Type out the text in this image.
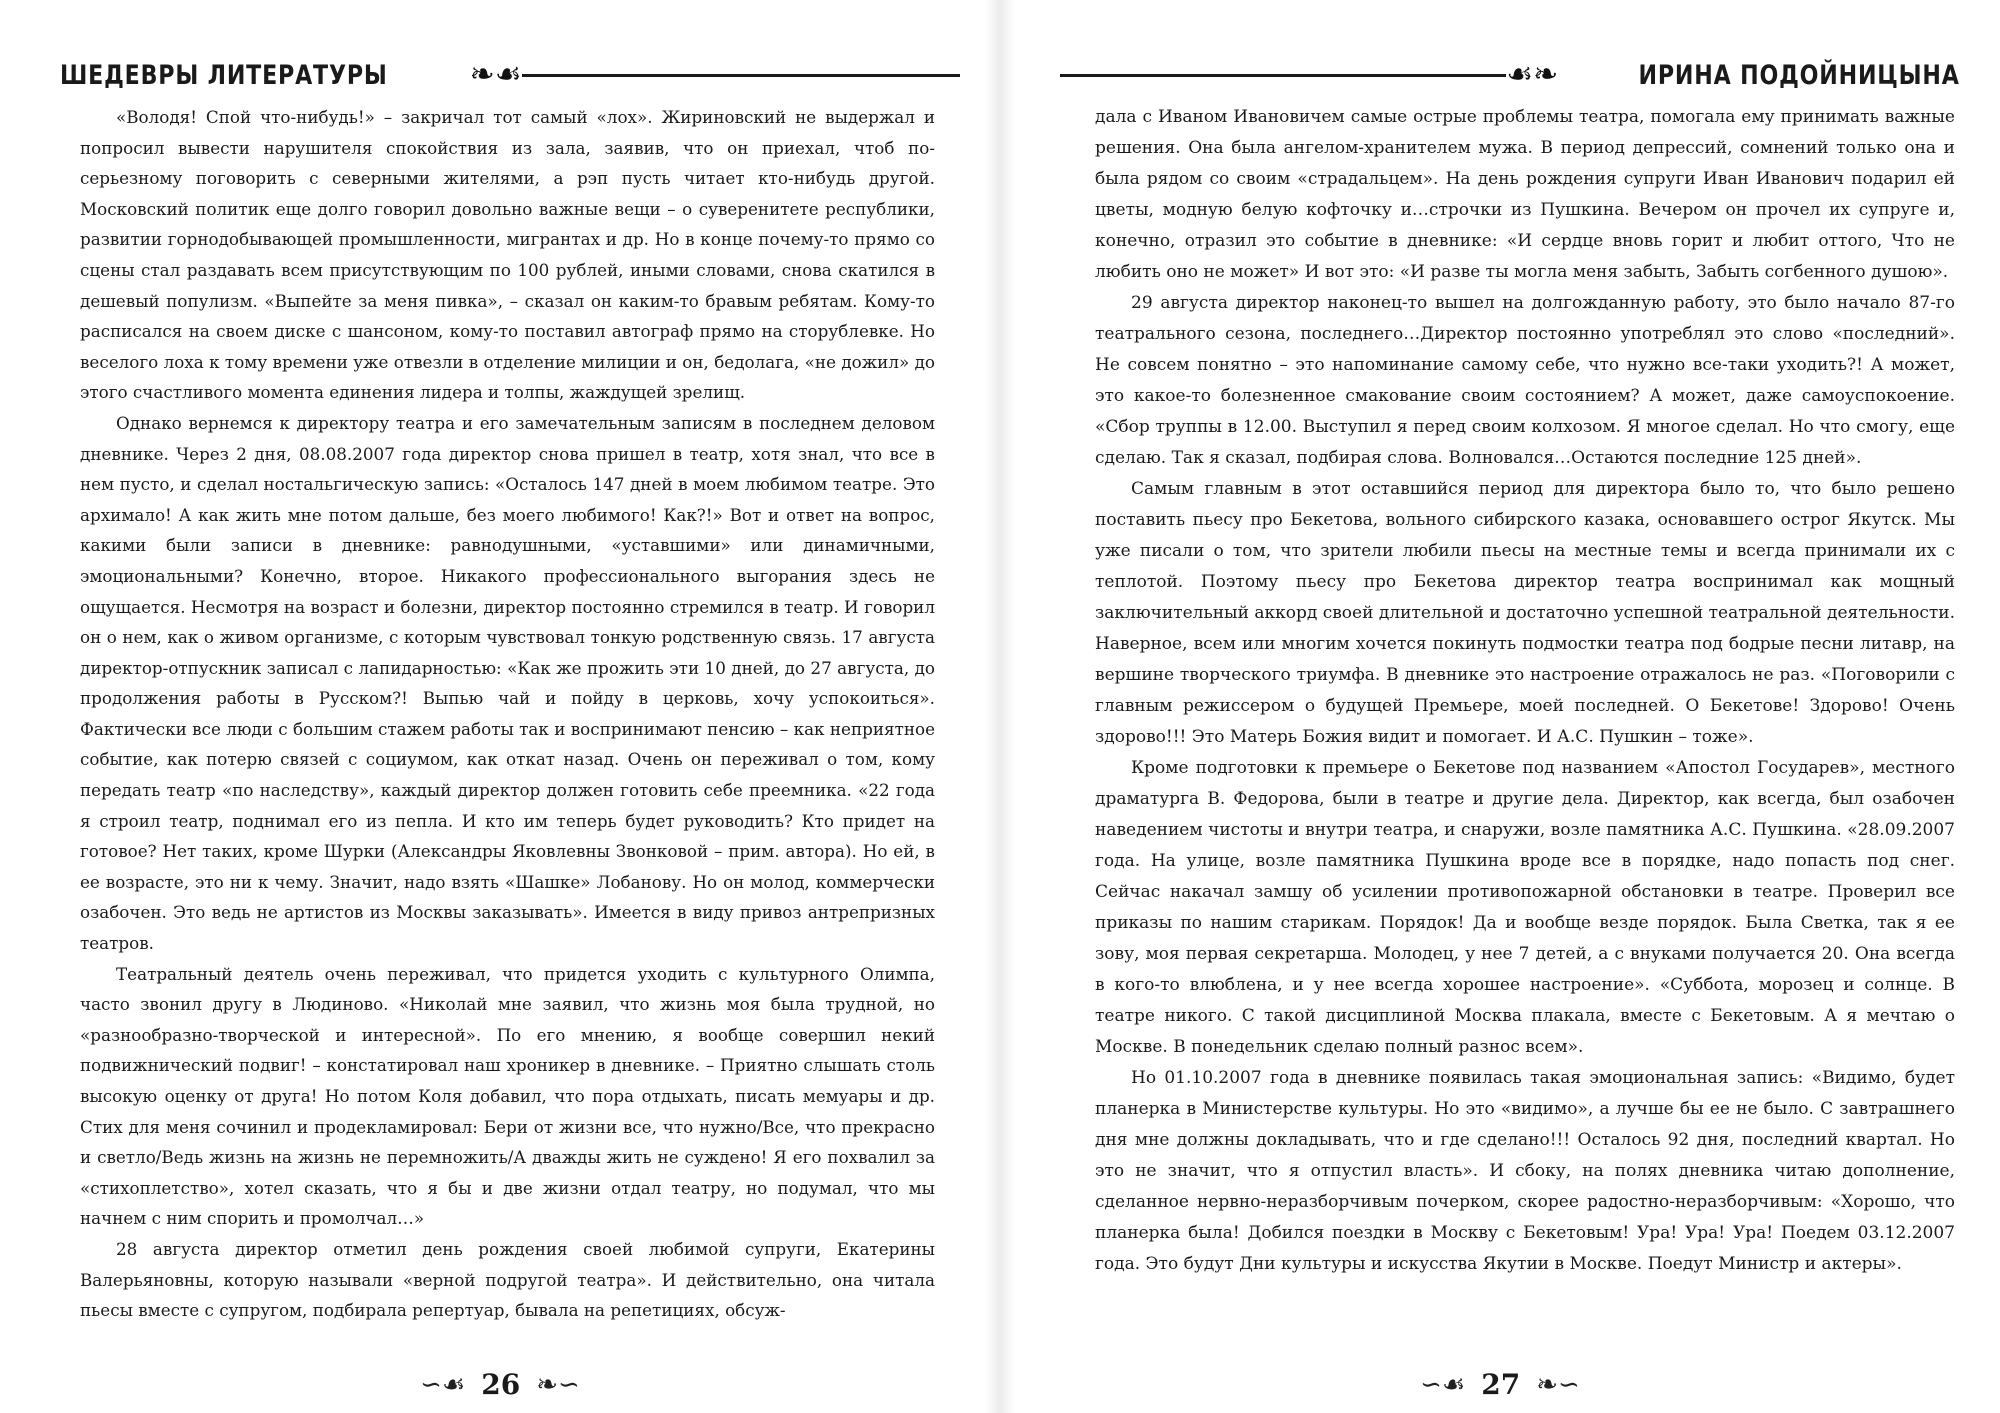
ШЕДЕВРЫ ЛИТЕРАТУРЫ	❧☙

«Володя! Спой что-нибудь!» – закричал тот самый «лох». Жириновский не выдержал и попросил вывести нарушителя спокойствия из зала, заявив, что он приехал, чтоб по-серьезному поговорить с северными жителями, а рэп пусть читает кто-нибудь другой. Московский политик еще долго говорил довольно важные вещи – о суверенитете республики, развитии горнодобывающей промышленности, мигрантах и др. Но в конце почему-то прямо со сцены стал раздавать всем присутствующим по 100 рублей, иными словами, снова скатился в дешевый популизм. «Выпейте за меня пивка», – сказал он каким-то бравым ребятам. Кому-то расписался на своем диске с шансоном, кому-то поставил автограф прямо на сторублевке. Но веселого лоха к тому времени уже отвезли в отделение милиции и он, бедолага, «не дожил» до этого счастливого момента единения лидера и толпы, жаждущей зрелищ.

Однако вернемся к директору театра и его замечательным записям в последнем деловом дневнике. Через 2 дня, 08.08.2007 года директор снова пришел в театр, хотя знал, что все в нем пусто, и сделал ностальгическую запись: «Осталось 147 дней в моем любимом театре. Это архимало! А как жить мне потом дальше, без моего любимого! Как?!» Вот и ответ на вопрос, какими были записи в дневнике: равнодушными, «уставшими» или динамичными, эмоциональными? Конечно, второе. Никакого профессионального выгорания здесь не ощущается. Несмотря на возраст и болезни, директор постоянно стремился в театр. И говорил он о нем, как о живом организме, с которым чувствовал тонкую родственную связь. 17 августа директор-отпускник записал с лапидарностью: «Как же прожить эти 10 дней, до 27 августа, до продолжения работы в Русском?! Выпью чай и пойду в церковь, хочу успокоиться». Фактически все люди с большим стажем работы так и воспринимают пенсию – как неприятное событие, как потерю связей с социумом, как откат назад. Очень он переживал о том, кому передать театр «по наследству», каждый директор должен готовить себе преемника. «22 года я строил театр, поднимал его из пепла. И кто им теперь будет руководить? Кто придет на готовое? Нет таких, кроме Шурки (Александры Яковлевны Звонковой – прим. автора). Но ей, в ее возрасте, это ни к чему. Значит, надо взять «Шашке» Лобанову. Но он молод, коммерчески озабочен. Это ведь не артистов из Москвы заказывать». Имеется в виду привоз антрепризных театров.

Театральный деятель очень переживал, что придется уходить с культурного Олимпа, часто звонил другу в Людиново. «Николай мне заявил, что жизнь моя была трудной, но «разнообразно-творческой и интересной». По его мнению, я вообще совершил некий подвижнический подвиг! – констатировал наш хроникер в дневнике. – Приятно слышать столь высокую оценку от друга! Но потом Коля добавил, что пора отдыхать, писать мемуары и др. Стих для меня сочинил и продекламировал: Бери от жизни все, что нужно/Все, что прекрасно и светло/Ведь жизнь на жизнь не перемножить/А дважды жить не суждено! Я его похвалил за «стихоплетство», хотел сказать, что я бы и две жизни отдал театру, но подумал, что мы начнем с ним спорить и промолчал…»

28 августа директор отметил день рождения своей любимой супруги, Екатерины Валерьяновны, которую называли «верной подругой театра». И действительно, она читала пьесы вместе с супругом, подбирала репертуар, бывала на репетициях, обсуж-

∽☙ 26 ❧∽
☙❧	ИРИНА ПОДОЙНИЦЫНА

дала с Иваном Ивановичем самые острые проблемы театра, помогала ему принимать важные решения. Она была ангелом-хранителем мужа. В период депрессий, сомнений только она и была рядом со своим «страдальцем». На день рождения супруги Иван Иванович подарил ей цветы, модную белую кофточку и…строчки из Пушкина. Вечером он прочел их супруге и, конечно, отразил это событие в дневнике: «И сердце вновь горит и любит оттого, Что не любить оно не может» И вот это: «И разве ты могла меня забыть, Забыть согбенного душою».

29 августа директор наконец-то вышел на долгожданную работу, это было начало 87-го театрального сезона, последнего…Директор постоянно употреблял это слово «последний». Не совсем понятно – это напоминание самому себе, что нужно все-таки уходить?! А может, это какое-то болезненное смакование своим состоянием? А может, даже самоуспокоение. «Сбор труппы в 12.00. Выступил я перед своим колхозом. Я многое сделал. Но что смогу, еще сделаю. Так я сказал, подбирая слова. Волновался…Остаются последние 125 дней».

Самым главным в этот оставшийся период для директора было то, что было решено поставить пьесу про Бекетова, вольного сибирского казака, основавшего острог Якутск. Мы уже писали о том, что зрители любили пьесы на местные темы и всегда принимали их с теплотой. Поэтому пьесу про Бекетова директор театра воспринимал как мощный заключительный аккорд своей длительной и достаточно успешной театральной деятельности. Наверное, всем или многим хочется покинуть подмостки театра под бодрые песни литавр, на вершине творческого триумфа. В дневнике это настроение отражалось не раз. «Поговорили с главным режиссером о будущей Премьере, моей последней. О Бекетове! Здорово! Очень здорово!!! Это Матерь Божия видит и помогает. И А.С. Пушкин – тоже».

Кроме подготовки к премьере о Бекетове под названием «Апостол Государев», местного драматурга В. Федорова, были в театре и другие дела. Директор, как всегда, был озабочен наведением чистоты и внутри театра, и снаружи, возле памятника А.С. Пушкина. «28.09.2007 года. На улице, возле памятника Пушкина вроде все в порядке, надо попасть под снег. Сейчас накачал замшу об усилении противопожарной обстановки в театре. Проверил все приказы по нашим старикам. Порядок! Да и вообще везде порядок. Была Светка, так я ее зову, моя первая секретарша. Молодец, у нее 7 детей, а с внуками получается 20. Она всегда в кого-то влюблена, и у нее всегда хорошее настроение». «Суббота, морозец и солнце. В театре никого. С такой дисциплиной Москва плакала, вместе с Бекетовым. А я мечтаю о Москве. В понедельник сделаю полный разнос всем».

Но 01.10.2007 года в дневнике появилась такая эмоциональная запись: «Видимо, будет планерка в Министерстве культуры. Но это «видимо», а лучше бы ее не было. С завтрашнего дня мне должны докладывать, что и где сделано!!! Осталось 92 дня, последний квартал. Но это не значит, что я отпустил власть». И сбоку, на полях дневника читаю дополнение, сделанное нервно-неразборчивым почерком, скорее радостно-неразборчивым: «Хорошо, что планерка была! Добился поездки в Москву с Бекетовым! Ура! Ура! Ура! Поедем 03.12.2007 года. Это будут Дни культуры и искусства Якутии в Москве. Поедут Министр и актеры».

∽☙ 27 ❧∽
